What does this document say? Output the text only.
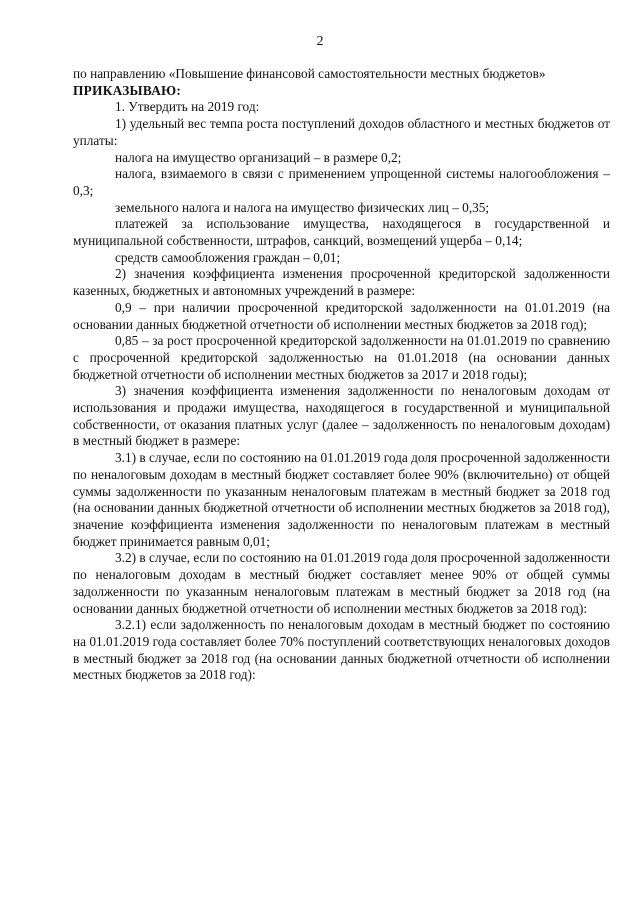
2

по направлению «Повышение финансовой самостоятельности местных бюджетов»

ПРИКАЗЫВАЮ:

1. Утвердить на 2019 год:

1) удельный вес темпа роста поступлений доходов областного и местных бюджетов от уплаты:

налога на имущество организаций – в размере 0,2;

налога, взимаемого в связи с применением упрощенной системы налогообложения – 0,3;

земельного налога и налога на имущество физических лиц – 0,35;

платежей за использование имущества, находящегося в государственной и муниципальной собственности, штрафов, санкций, возмещений ущерба – 0,14;

средств самообложения граждан – 0,01;

2) значения коэффициента изменения просроченной кредиторской задолженности казенных, бюджетных и автономных учреждений в размере:

0,9 – при наличии просроченной кредиторской задолженности на 01.01.2019 (на основании данных бюджетной отчетности об исполнении местных бюджетов за 2018 год);

0,85 – за рост просроченной кредиторской задолженности на 01.01.2019 по сравнению с просроченной кредиторской задолженностью на 01.01.2018 (на основании данных бюджетной отчетности об исполнении местных бюджетов за 2017 и 2018 годы);

3) значения коэффициента изменения задолженности по неналоговым доходам от использования и продажи имущества, находящегося в государственной и муниципальной собственности, от оказания платных услуг (далее – задолженность по неналоговым доходам) в местный бюджет в размере:

3.1) в случае, если по состоянию на 01.01.2019 года доля просроченной задолженности по неналоговым доходам в местный бюджет составляет более 90% (включительно) от общей суммы задолженности по указанным неналоговым платежам в местный бюджет за 2018 год (на основании данных бюджетной отчетности об исполнении местных бюджетов за 2018 год), значение коэффициента изменения задолженности по неналоговым платежам в местный бюджет принимается равным 0,01;

3.2) в случае, если по состоянию на 01.01.2019 года доля просроченной задолженности по неналоговым доходам в местный бюджет составляет менее 90% от общей суммы задолженности по указанным неналоговым платежам в местный бюджет за 2018 год (на основании данных бюджетной отчетности об исполнении местных бюджетов за 2018 год):

3.2.1) если задолженность по неналоговым доходам в местный бюджет по состоянию на 01.01.2019 года составляет более 70% поступлений соответствующих неналоговых доходов в местный бюджет за 2018 год (на основании данных бюджетной отчетности об исполнении местных бюджетов за 2018 год):
